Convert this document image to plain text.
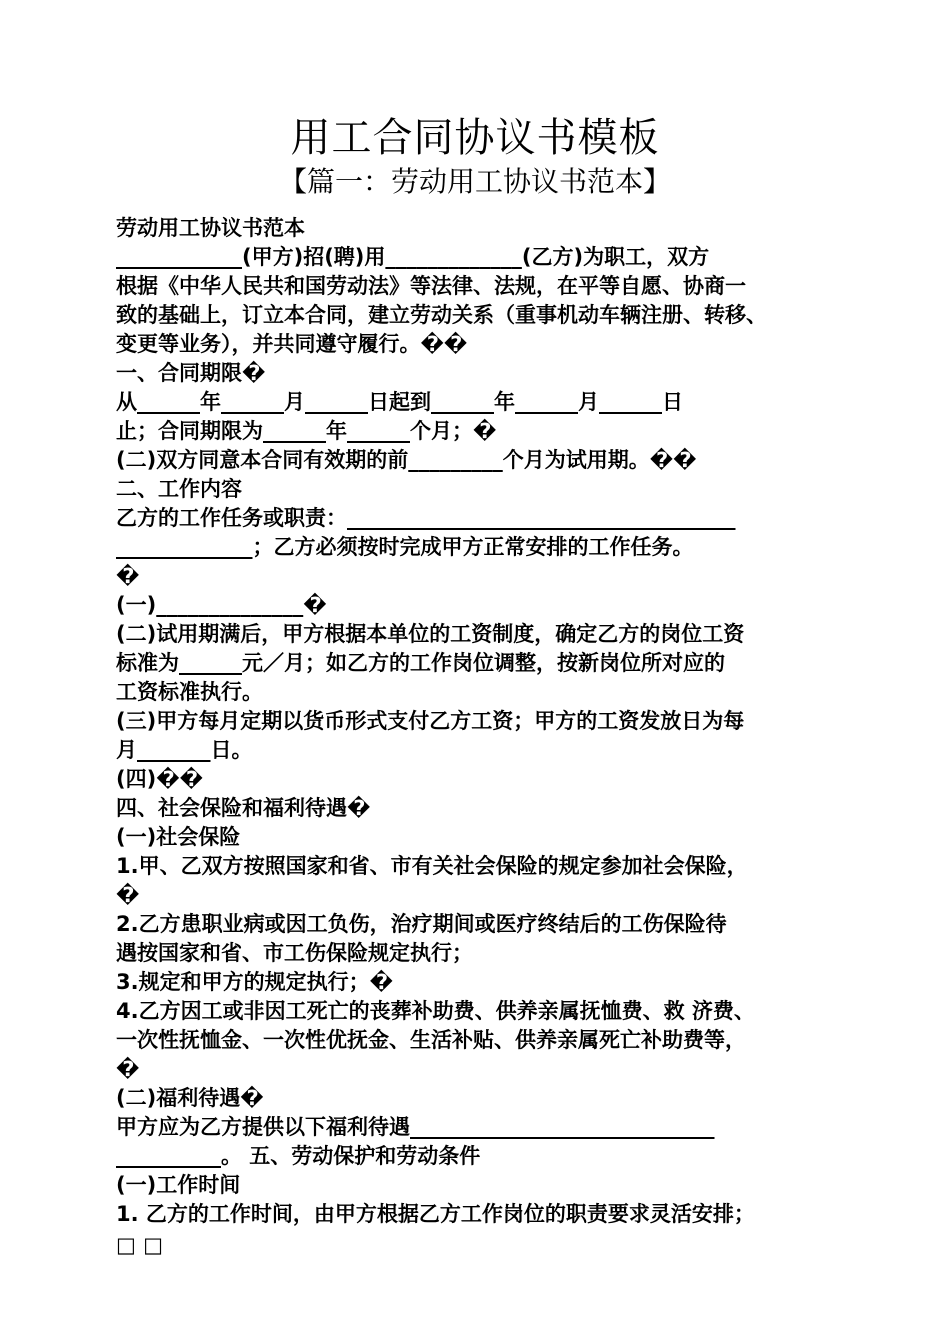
用工合同协议书模板
【篇一：劳动用工协议书范本】
劳动用工协议书范本
____________(甲方)招(聘)用_____________(乙方)为职工，双方
根据《中华人民共和国劳动法》等法律、法规，在平等自愿、协商一
致的基础上，订立本合同，建立劳动关系（重事机动车辆注册、转移、
变更等业务），并共同遵守履行。��
一、合同期限�
从______年______月______日起到______年______月______日
止；合同期限为______年______个月；�
(二)双方同意本合同有效期的前_________个月为试用期。��
二、工作内容
乙方的工作任务或职责：_____________________________________
_____________；乙方必须按时完成甲方正常安排的工作任务。
�
(一)______________�
(二)试用期满后，甲方根据本单位的工资制度，确定乙方的岗位工资
标准为______元／月；如乙方的工作岗位调整，按新岗位所对应的
工资标准执行。
(三)甲方每月定期以货币形式支付乙方工资；甲方的工资发放日为每
月_______日。
(四)��
四、社会保险和福利待遇�
(一)社会保险
1.甲、乙双方按照国家和省、市有关社会保险的规定参加社会保险，
�
2.乙方患职业病或因工负伤，治疗期间或医疗终结后的工伤保险待
遇按国家和省、市工伤保险规定执行；
3.规定和甲方的规定执行；�
4.乙方因工或非因工死亡的丧葬补助费、供养亲属抚恤费、救 济费、
一次性抚恤金、一次性优抚金、生活补贴、供养亲属死亡补助费等，
�
(二)福利待遇�
甲方应为乙方提供以下福利待遇_____________________________
__________。 五、劳动保护和劳动条件
(一)工作时间
1. 乙方的工作时间，由甲方根据乙方工作岗位的职责要求灵活安排；
□ □
